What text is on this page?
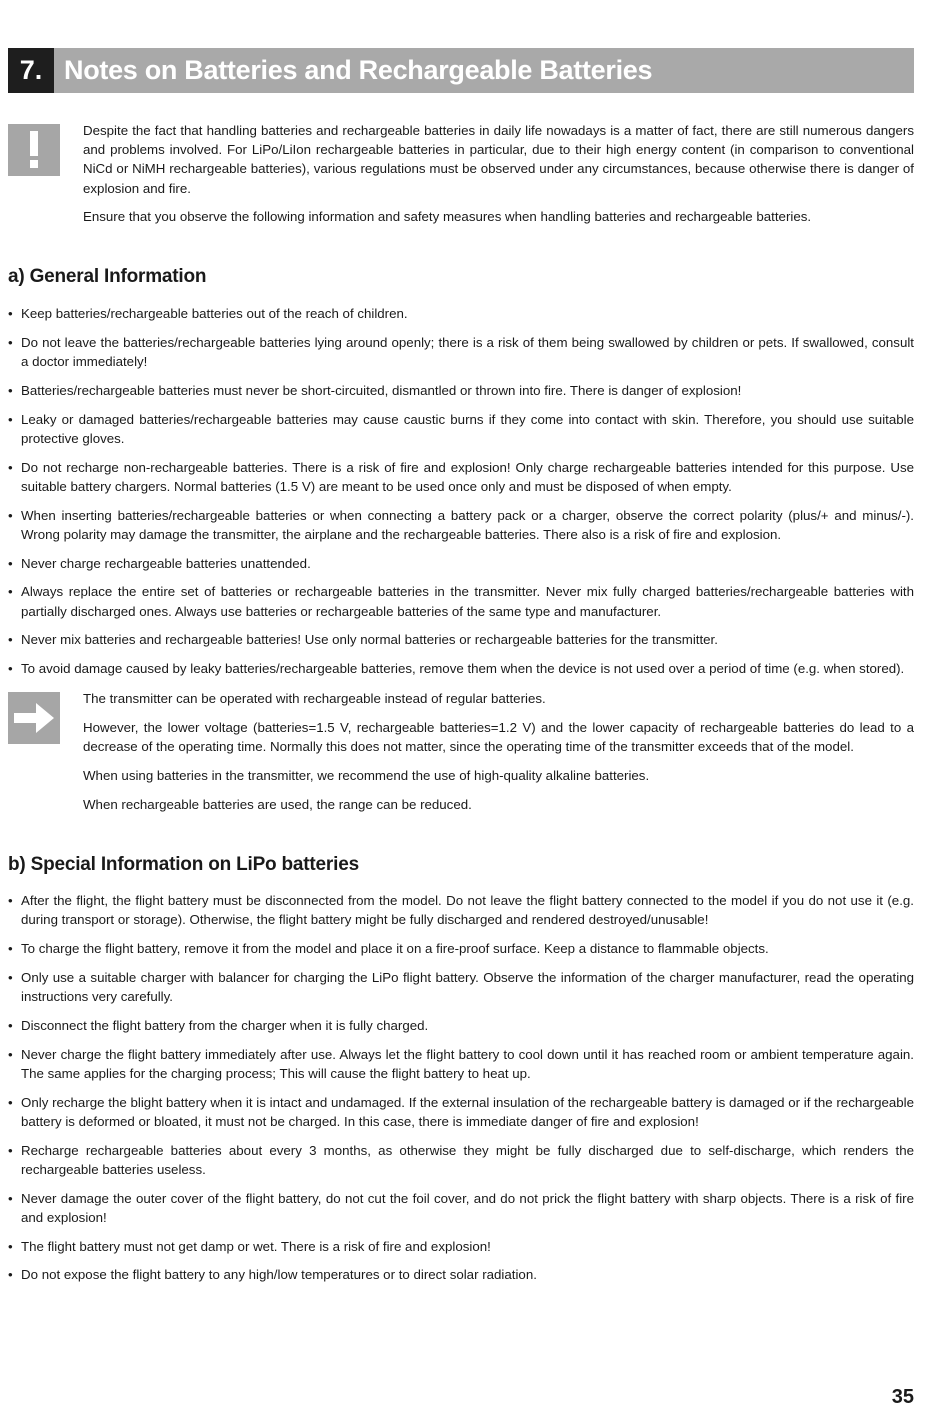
7. Notes on Batteries and Rechargeable Batteries

Despite the fact that handling batteries and rechargeable batteries in daily life nowadays is a matter of fact, there are still numerous dangers and problems involved. For LiPo/LiIon rechargeable batteries in particular, due to their high energy content (in comparison to conventional NiCd or NiMH rechargeable batteries), various regulations must be observed under any circumstances, because otherwise there is danger of explosion and fire.

Ensure that you observe the following information and safety measures when handling batteries and rechargeable batteries.

a) General Information
• Keep batteries/rechargeable batteries out of the reach of children.
• Do not leave the batteries/rechargeable batteries lying around openly; there is a risk of them being swallowed by children or pets. If swallowed, consult a doctor immediately!
• Batteries/rechargeable batteries must never be short-circuited, dismantled or thrown into fire. There is danger of explosion!
• Leaky or damaged batteries/rechargeable batteries may cause caustic burns if they come into contact with skin. Therefore, you should use suitable protective gloves.
• Do not recharge non-rechargeable batteries. There is a risk of fire and explosion! Only charge rechargeable batteries intended for this purpose. Use suitable battery chargers. Normal batteries (1.5 V) are meant to be used once only and must be disposed of when empty.
• When inserting batteries/rechargeable batteries or when connecting a battery pack or a charger, observe the correct polarity (plus/+ and minus/-). Wrong polarity may damage the transmitter, the airplane and the rechargeable batteries. There also is a risk of fire and explosion.
• Never charge rechargeable batteries unattended.
• Always replace the entire set of batteries or rechargeable batteries in the transmitter. Never mix fully charged batteries/rechargeable batteries with partially discharged ones. Always use batteries or rechargeable batteries of the same type and manufacturer.
• Never mix batteries and rechargeable batteries! Use only normal batteries or rechargeable batteries for the transmitter.
• To avoid damage caused by leaky batteries/rechargeable batteries, remove them when the device is not used over a period of time (e.g. when stored).

The transmitter can be operated with rechargeable instead of regular batteries.

However, the lower voltage (batteries=1.5 V, rechargeable batteries=1.2 V) and the lower capacity of rechargeable batteries do lead to a decrease of the operating time. Normally this does not matter, since the operating time of the transmitter exceeds that of the model.

When using batteries in the transmitter, we recommend the use of high-quality alkaline batteries.

When rechargeable batteries are used, the range can be reduced.

b) Special Information on LiPo batteries
• After the flight, the flight battery must be disconnected from the model. Do not leave the flight battery connected to the model if you do not use it (e.g. during transport or storage). Otherwise, the flight battery might be fully discharged and rendered destroyed/unusable!
• To charge the flight battery, remove it from the model and place it on a fire-proof surface. Keep a distance to flammable objects.
• Only use a suitable charger with balancer for charging the LiPo flight battery. Observe the information of the charger manufacturer, read the operating instructions very carefully.
• Disconnect the flight battery from the charger when it is fully charged.
• Never charge the flight battery immediately after use. Always let the flight battery to cool down until it has reached room or ambient temperature again. The same applies for the charging process; This will cause the flight battery to heat up.
• Only recharge the blight battery when it is intact and undamaged. If the external insulation of the rechargeable battery is damaged or if the rechargeable battery is deformed or bloated, it must not be charged. In this case, there is immediate danger of fire and explosion!
• Recharge rechargeable batteries about every 3 months, as otherwise they might be fully discharged due to self-discharge, which renders the rechargeable batteries useless.
• Never damage the outer cover of the flight battery, do not cut the foil cover, and do not prick the flight battery with sharp objects. There is a risk of fire and explosion!
• The flight battery must not get damp or wet. There is a risk of fire and explosion!
• Do not expose the flight battery to any high/low temperatures or to direct solar radiation.
35
